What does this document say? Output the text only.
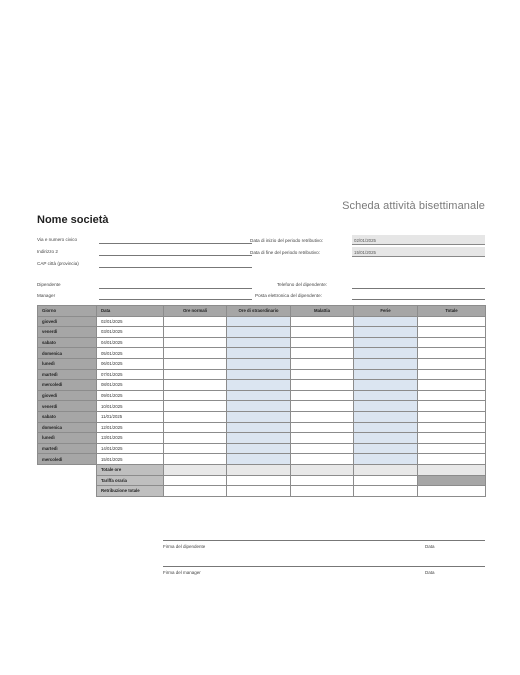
Scheda attività bisettimanale
Nome società
Via e numero civico
Indirizzo 2
CAP città (provincia)
Dipendente
Manager
Data di inizio del periodo retributivo:	02/01/2025
Data di fine del periodo retributivo:	15/01/2025
Telefono del dipendente:
Posta elettronica del dipendente:
Giorno	Data	Ore normali	Ore di straordinario	Malattia	Ferie	Totale
giovedì	02/01/2025					
venerdì	03/01/2025					
sabato	04/01/2025					
domenica	05/01/2025					
lunedì	06/01/2025					
martedì	07/01/2025					
mercoledì	08/01/2025					
giovedì	09/01/2025					
venerdì	10/01/2025					
sabato	11/01/2025					
domenica	12/01/2025					
lunedì	13/01/2025					
martedì	14/01/2025					
mercoledì	15/01/2025					
	Totale ore					
	Tariffa oraria					
	Retribuzione totale					
Firma del dipendente	Data
Firma del manager	Data
